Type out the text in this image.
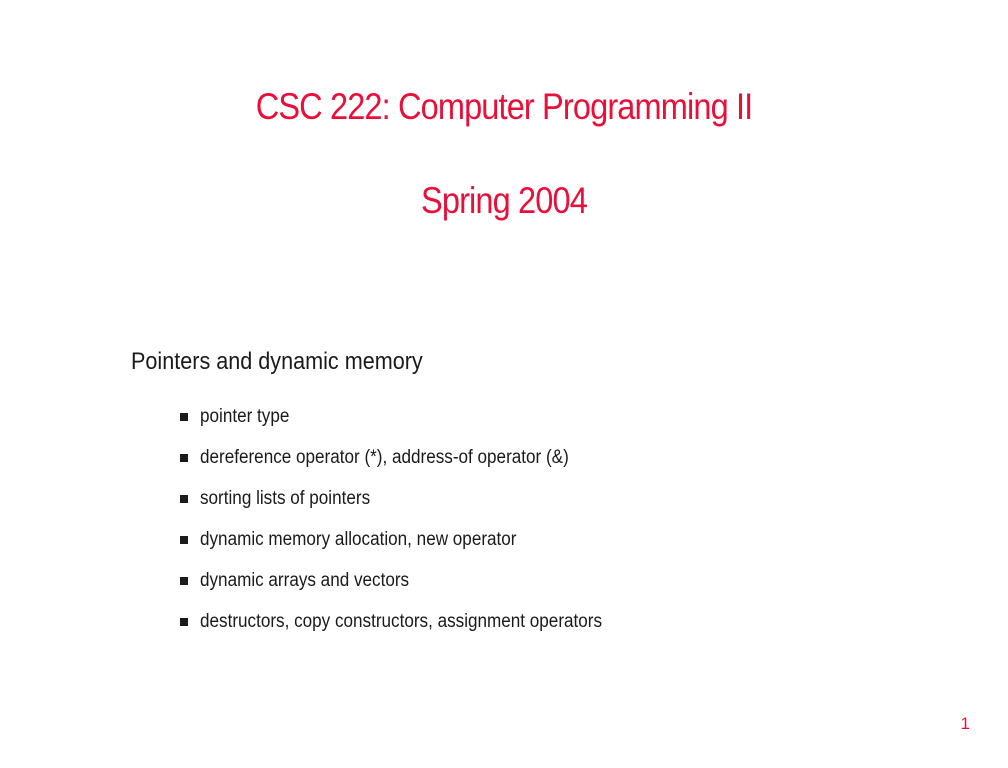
CSC 222: Computer Programming II
Spring 2004
Pointers and dynamic memory
pointer type
dereference operator (*), address-of operator (&)
sorting lists of pointers
dynamic memory allocation, new operator
dynamic arrays and vectors
destructors, copy constructors, assignment operators
1
